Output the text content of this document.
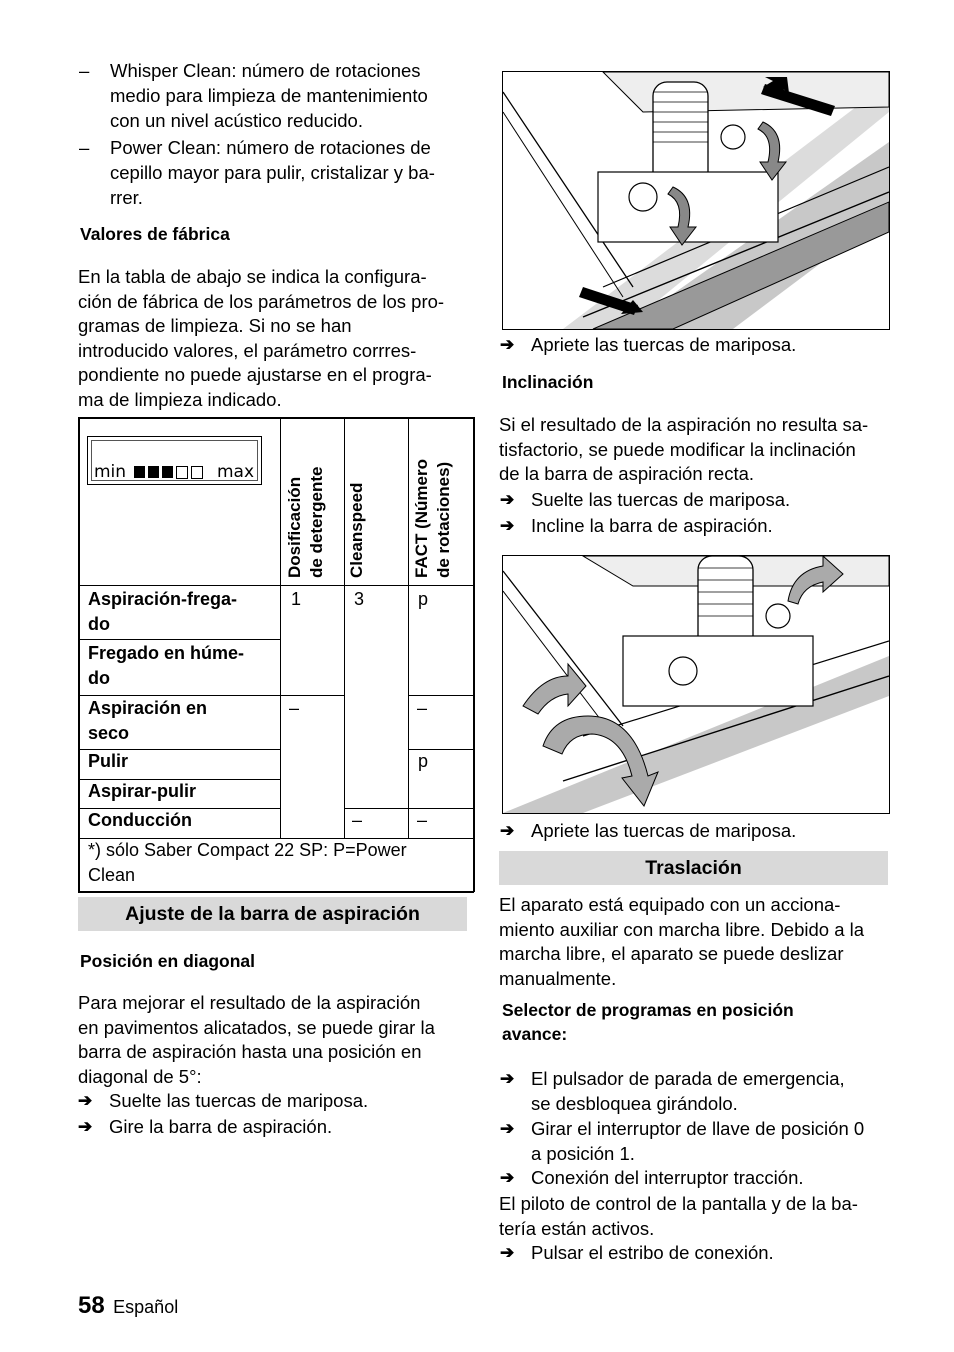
– Whisper Clean: número de rotaciones
medio para limpieza de mantenimiento
con un nivel acústico reducido.
– Power Clean: número de rotaciones de
cepillo mayor para pulir, cristalizar y ba-
rrer.
Valores de fábrica
En la tabla de abajo se indica la configura-
ción de fábrica de los parámetros de los pro-
gramas de limpieza. Si no se han
introducido valores, el parámetro corrres-
pondiente no puede ajustarse en el progra-
ma de limpieza indicado.
min	max
Dosificación de detergente Cleanspeed	FACT (Número de rotaciones)
Aspiración-frega-
do
Fregado en húme-
do
Aspiración en
seco
Pulir
Aspirar-pulir
Conducción
1
–
3
–
p
–
p
–
*) sólo Saber Compact 22 SP: P=Power
Clean
Ajuste de la barra de aspiración
Posición en diagonal
Para mejorar el resultado de la aspiración
en pavimentos alicatados, se puede girar la
barra de aspiración hasta una posición en
diagonal de 5°:
➔ Suelte las tuercas de mariposa.
➔ Gire la barra de aspiración.
➔ Apriete las tuercas de mariposa.
Inclinación
Si el resultado de la aspiración no resulta sa-
tisfactorio, se puede modificar la inclinación
de la barra de aspiración recta.
➔ Suelte las tuercas de mariposa.
➔ Incline la barra de aspiración.
➔ Apriete las tuercas de mariposa.
Traslación
El aparato está equipado con un acciona-
miento auxiliar con marcha libre. Debido a la
marcha libre, el aparato se puede deslizar
manualmente.
Selector de programas en posición
avance:
➔ El pulsador de parada de emergencia,
se desbloquea girándolo.
➔ Girar el interruptor de llave de posición 0
a posición 1.
➔ Conexión del interruptor tracción.
El piloto de control de la pantalla y de la ba-
tería están activos.
➔ Pulsar el estribo de conexión.
58 Español
